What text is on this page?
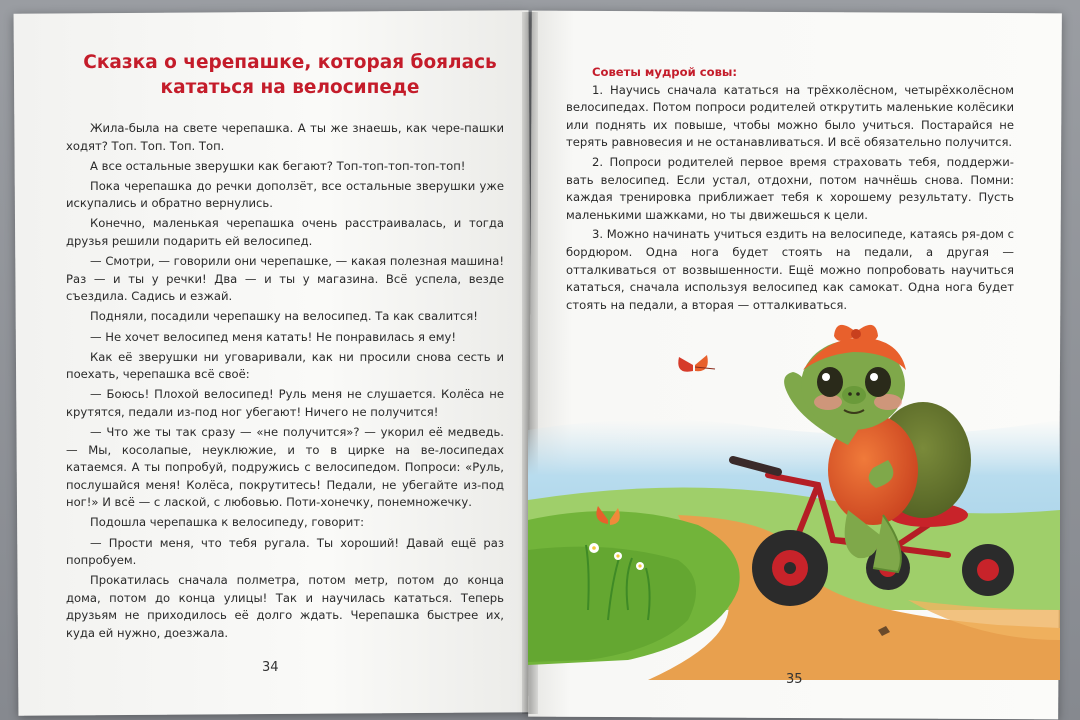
Сказка о черепашке, которая боялась
кататься на велосипеде

Жила-была на свете черепашка. А ты же знаешь, как чере-пашки ходят? Топ. Топ. Топ. Топ.

А все остальные зверушки как бегают? Топ-топ-топ-топ-топ!

Пока черепашка до речки доползёт, все остальные зверушки уже искупались и обратно вернулись.

Конечно, маленькая черепашка очень расстраивалась, и тогда друзья решили подарить ей велосипед.

— Смотри, — говорили они черепашке, — какая полезная машина! Раз — и ты у речки! Два — и ты у магазина. Всё успела, везде съездила. Садись и езжай.

Подняли, посадили черепашку на велосипед. Та как свалится!

— Не хочет велосипед меня катать! Не понравилась я ему!

Как её зверушки ни уговаривали, как ни просили снова сесть и поехать, черепашка всё своё:

— Боюсь! Плохой велосипед! Руль меня не слушается. Колёса не крутятся, педали из-под ног убегают! Ничего не получится!

— Что же ты так сразу — «не получится»? — укорил её медведь. — Мы, косолапые, неуклюжие, и то в цирке на ве-лосипедах катаемся. А ты попробуй, подружись с велосипедом. Попроси: «Руль, послушайся меня! Колёса, покрутитесь! Педали, не убегайте из-под ног!» И всё — с лаской, с любовью. Поти-хонечку, понемножечку.

Подошла черепашка к велосипеду, говорит:

— Прости меня, что тебя ругала. Ты хороший! Давай ещё раз попробуем.

Прокатилась сначала полметра, потом метр, потом до конца дома, потом до конца улицы! Так и научилась кататься. Теперь друзьям не приходилось её долго ждать. Черепашка быстрее их, куда ей нужно, доезжала.

34
Советы мудрой совы:

1. Научись сначала кататься на трёхколёсном, четырёхколёсном велосипедах. Потом попроси родителей открутить маленькие колёсики или поднять их повыше, чтобы можно было учиться. Постарайся не терять равновесия и не останавливаться. И всё обязательно получится.

2. Попроси родителей первое время страховать тебя, поддержи-вать велосипед. Если устал, отдохни, потом начнёшь снова. Помни: каждая тренировка приближает тебя к хорошему результату. Пусть маленькими шажками, но ты движешься к цели.

3. Можно начинать учиться ездить на велосипеде, катаясь ря-дом с бордюром. Одна нога будет стоять на педали, а другая — отталкиваться от возвышенности. Ещё можно попробовать научиться кататься, сначала используя велосипед как самокат. Одна нога будет стоять на педали, а вторая — отталкиваться.

35
